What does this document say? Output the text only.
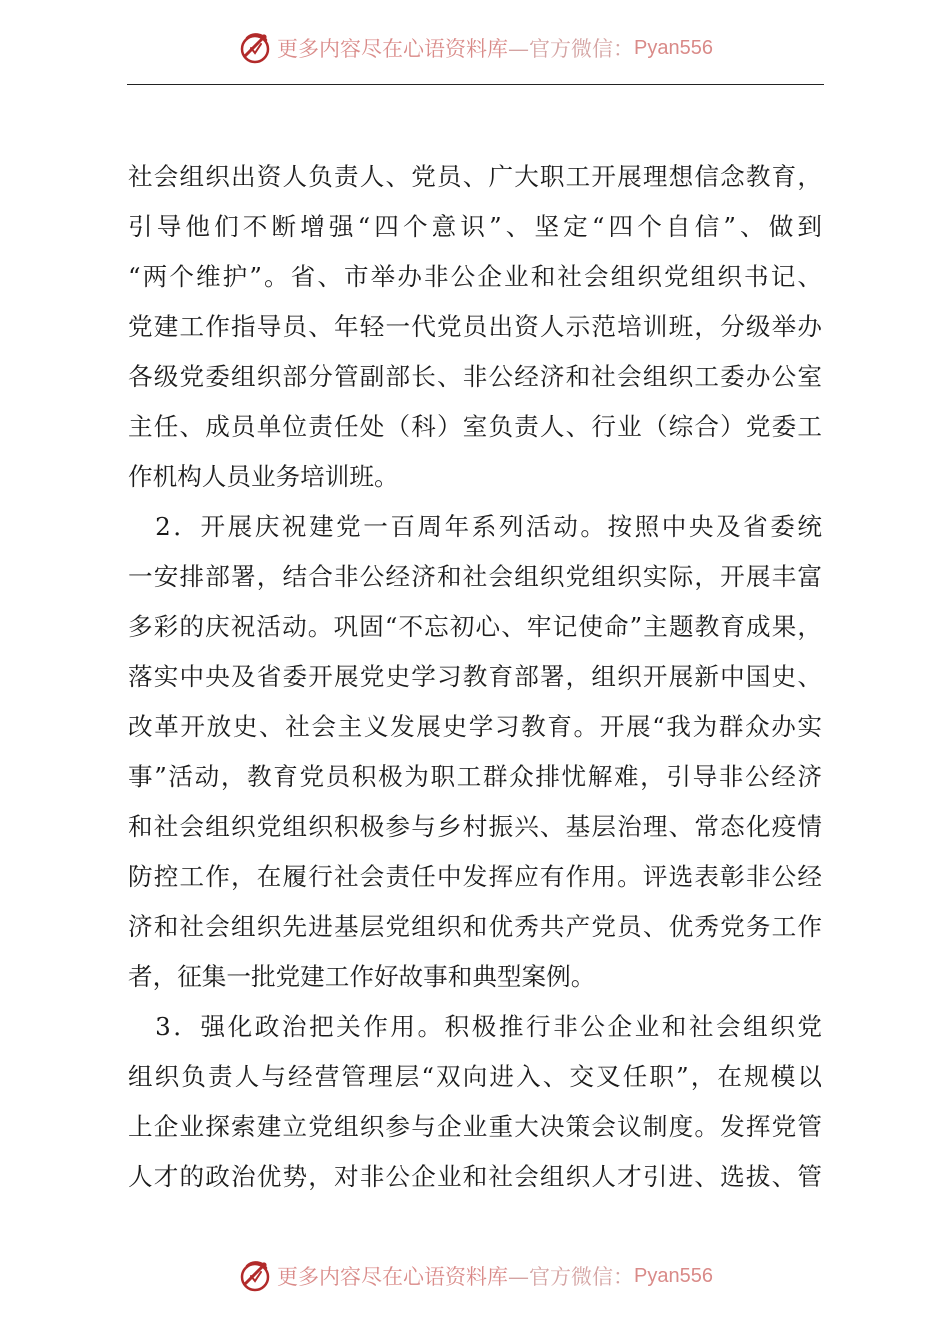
更多内容尽在心语资料库 —官方微信： Pyan556
社会组织出资人负责人、党员、广大职工开展理想信念教育，
引导他们不断增强“四个意识”、坚定“四个自信”、做到
“两个维护”。省、市举办非公企业和社会组织党组织书记、
党建工作指导员、年轻一代党员出资人示范培训班，分级举办
各级党委组织部分管副部长、非公经济和社会组织工委办公室
主任、成员单位责任处（科）室负责人、行业（综合）党委工
作机构人员业务培训班。
　2．开展庆祝建党一百周年系列活动。按照中央及省委统
一安排部署，结合非公经济和社会组织党组织实际，开展丰富
多彩的庆祝活动。巩固“不忘初心、牢记使命”主题教育成果，
落实中央及省委开展党史学习教育部署，组织开展新中国史、
改革开放史、社会主义发展史学习教育。开展“我为群众办实
事”活动，教育党员积极为职工群众排忧解难，引导非公经济
和社会组织党组织积极参与乡村振兴、基层治理、常态化疫情
防控工作，在履行社会责任中发挥应有作用。评选表彰非公经
济和社会组织先进基层党组织和优秀共产党员、优秀党务工作
者，征集一批党建工作好故事和典型案例。
　3．强化政治把关作用。积极推行非公企业和社会组织党
组织负责人与经营管理层“双向进入、交叉任职”，在规模以
上企业探索建立党组织参与企业重大决策会议制度。发挥党管
人才的政治优势，对非公企业和社会组织人才引进、选拔、管
更多内容尽在心语资料库 —官方微信： Pyan556
